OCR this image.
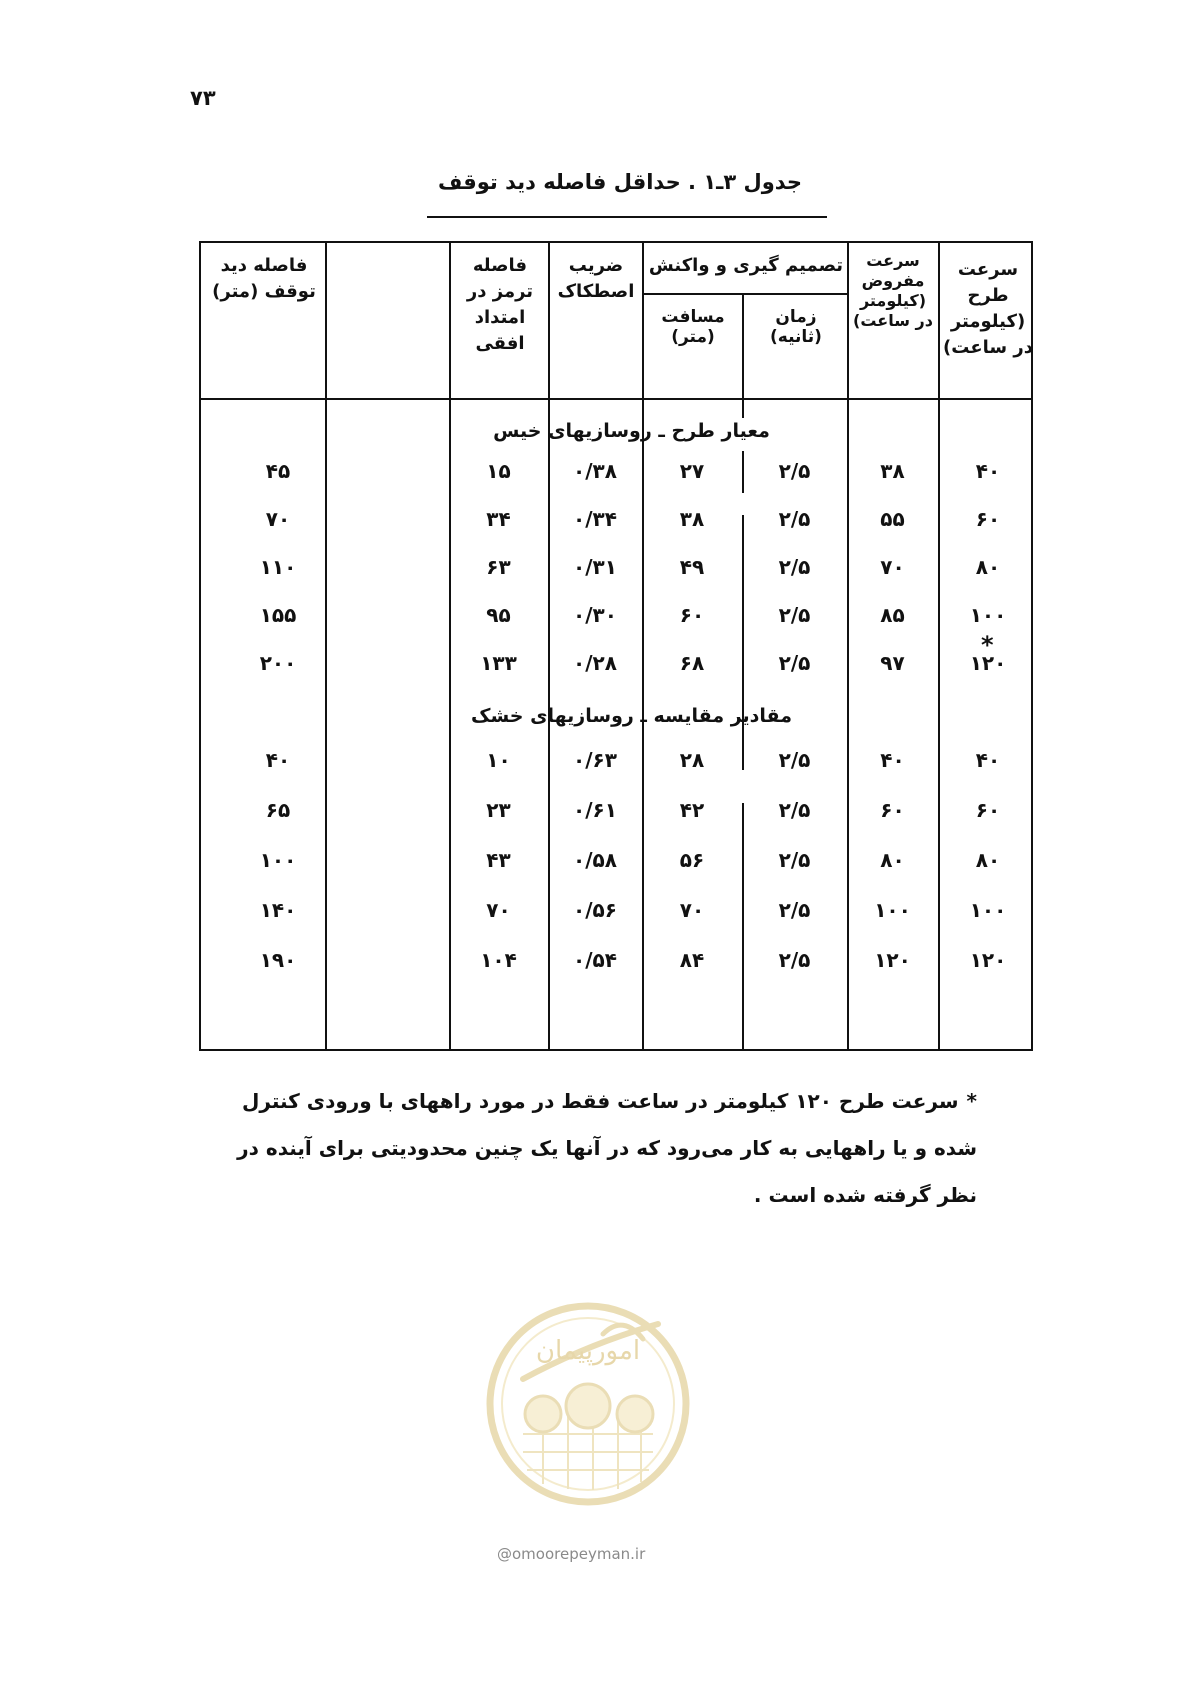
۷۳
جدول ۳ـ۱ . حداقل فاصله دید توقف
سرعت طرح (کیلومتر در ساعت)
سرعت مفروض (کیلومتر در ساعت)
تصمیم گیری و واکنش
زمان (ثانیه)
مسافت (متر)
ضریب اصطکاک
فاصله ترمز در امتداد افقی
فاصله دید توقف (متر)
معیار طرح ـ روسازیهای خیس
مقادیر مقایسه ـ روسازیهای خشک
۴۰
۳۸
۲/۵
۲۷
۰/۳۸
۱۵
۴۵
۶۰
۵۵
۲/۵
۳۸
۰/۳۴
۳۴
۷۰
۸۰
۷۰
۲/۵
۴۹
۰/۳۱
۶۳
۱۱۰
۱۰۰
۸۵
۲/۵
۶۰
۰/۳۰
۹۵
۱۵۵
۱۲۰
۹۷
۲/۵
۶۸
۰/۲۸
۱۳۳
۲۰۰
*
۴۰
۴۰
۲/۵
۲۸
۰/۶۳
۱۰
۴۰
۶۰
۶۰
۲/۵
۴۲
۰/۶۱
۲۳
۶۵
۸۰
۸۰
۲/۵
۵۶
۰/۵۸
۴۳
۱۰۰
۱۰۰
۱۰۰
۲/۵
۷۰
۰/۵۶
۷۰
۱۴۰
۱۲۰
۱۲۰
۲/۵
۸۴
۰/۵۴
۱۰۴
۱۹۰
*سرعت طرح ۱۲۰ کیلومتر در ساعت فقط در مورد راههای با ورودی کنترل شده و یا راههایی به کار می‌رود که در آنها یک چنین محدودیتی برای آینده در نظر گرفته شده است .
امورپیمان
@omoorepeyman.ir
